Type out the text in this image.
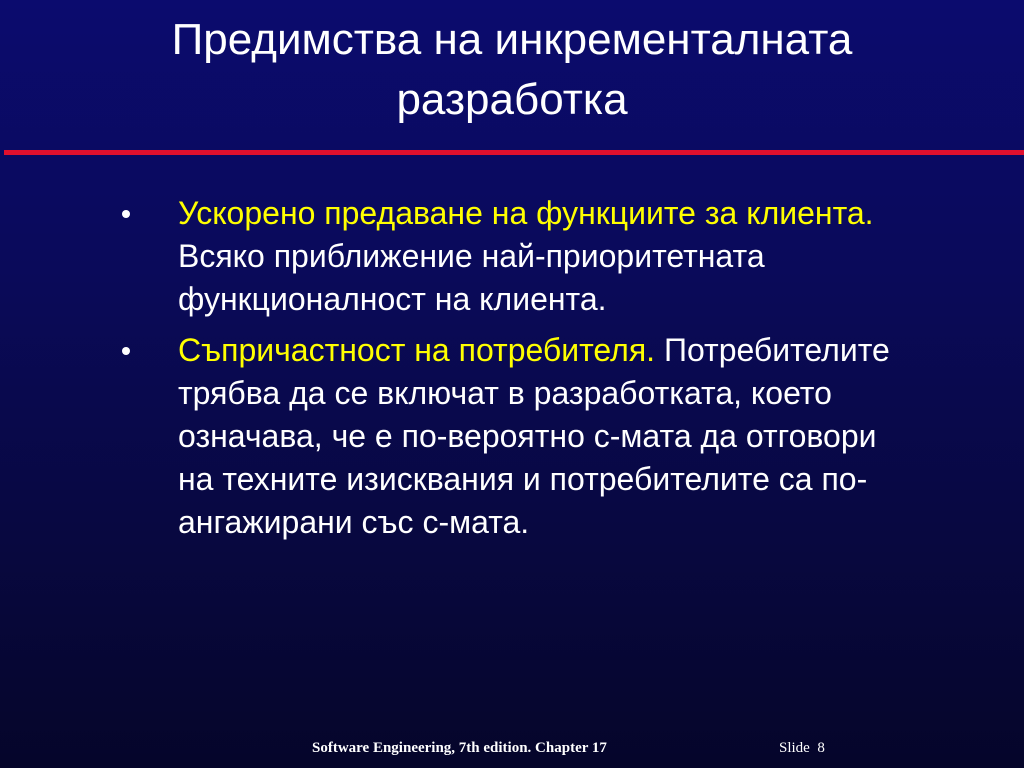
Предимства на инкременталната
разработка
Ускорено предаване на функциите за клиента. Всяко приближение най-приоритетната функционалност на клиента.
Съпричастност на потребителя. Потребителите трябва да се включат в разработката, което означава, че е по-вероятно с-мата да отговори на техните изисквания и потребителите са по-ангажирани със с-мата.
Software Engineering, 7th edition. Chapter 17	Slide 8
